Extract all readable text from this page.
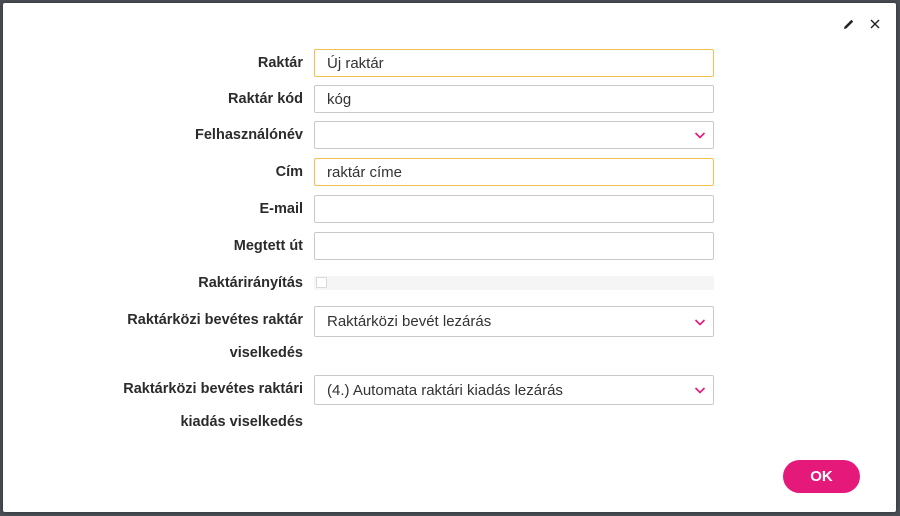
Raktár Új raktár
Raktár kód kóg
Felhasználónév
Cím raktár címe
E-mail
Megtett út
Raktárirányítás
Raktárközi bevétes raktár
viselkedés
Raktárközi bevét lezárás
Raktárközi bevétes raktári
kiadás viselkedés
(4.) Automata raktári kiadás lezárás
OK
